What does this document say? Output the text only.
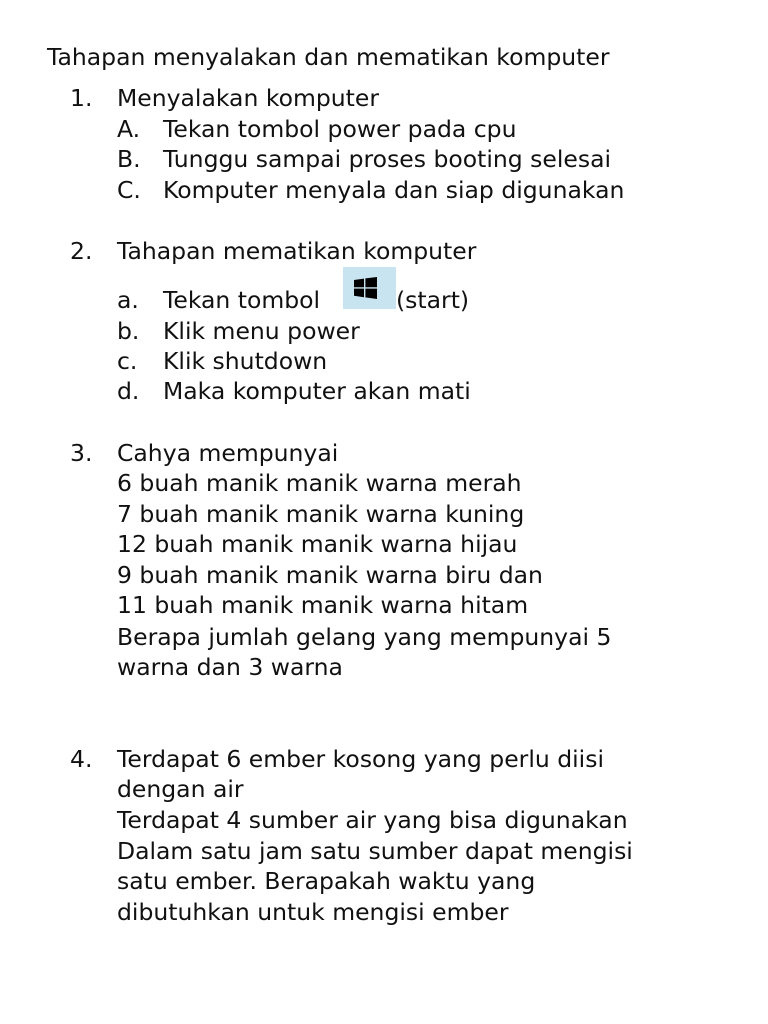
Tahapan menyalakan dan mematikan komputer
1. Menyalakan komputer
A. Tekan tombol power pada cpu
B. Tunggu sampai proses booting selesai
C. Komputer menyala dan siap digunakan
2. Tahapan mematikan komputer
a. Tekan tombol	(start)
b. Klik menu power
c. Klik shutdown
d. Maka komputer akan mati
3. Cahya mempunyai
6 buah manik manik warna merah
7 buah manik manik warna kuning
12 buah manik manik warna hijau
9 buah manik manik warna biru dan
11 buah manik manik warna hitam
Berapa jumlah gelang yang mempunyai 5
warna dan 3 warna
4. Terdapat 6 ember kosong yang perlu diisi
dengan air
Terdapat 4 sumber air yang bisa digunakan
Dalam satu jam satu sumber dapat mengisi
satu ember. Berapakah waktu yang
dibutuhkan untuk mengisi ember
